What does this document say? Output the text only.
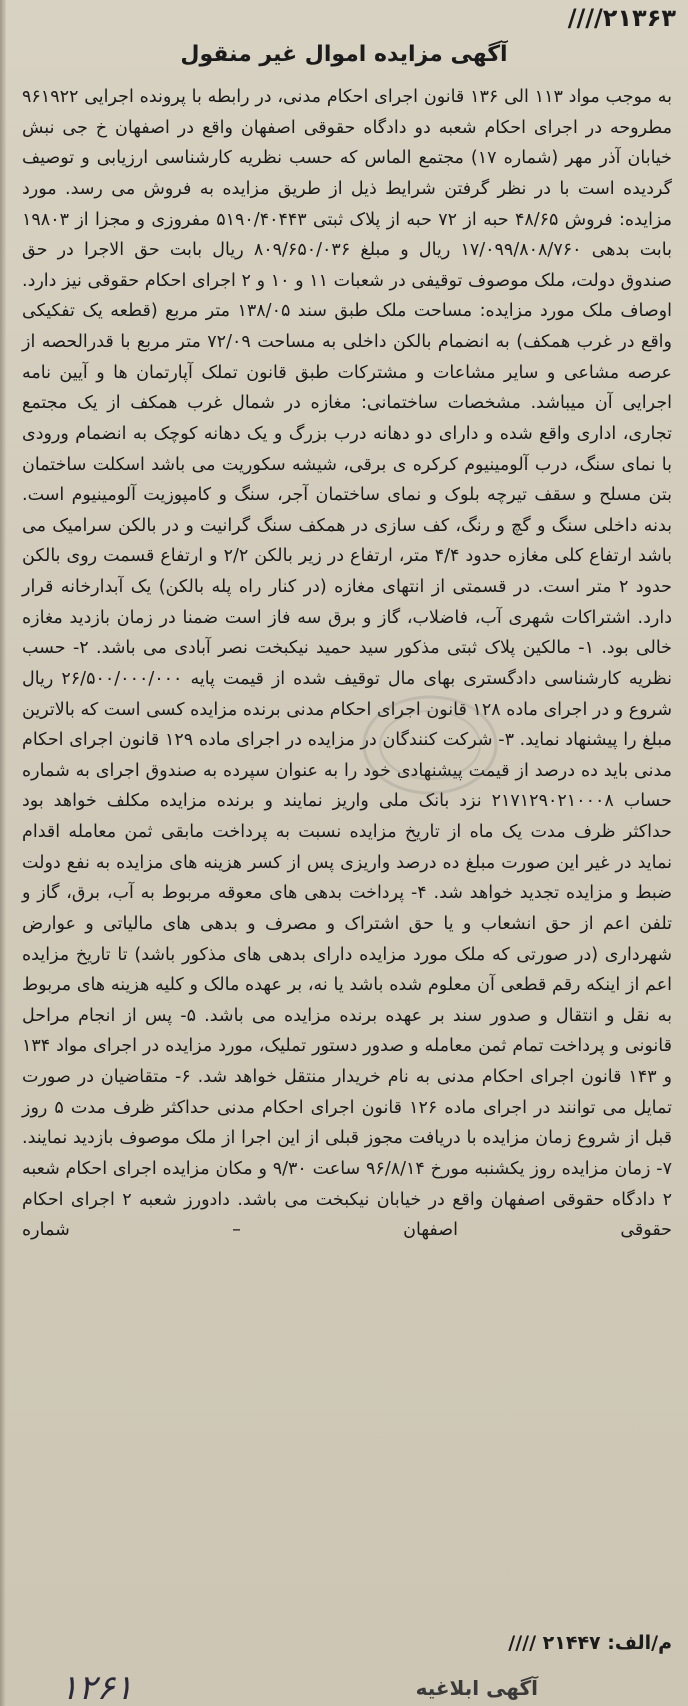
۲۱۳۶۳////
آگهی مزایده اموال غیر منقول

به موجب مواد ۱۱۳ الی ۱۳۶ قانون اجرای احکام مدنی، در رابطه با پرونده اجرایی ۹۶۱۹۲۲ مطروحه در اجرای احکام شعبه دو دادگاه حقوقی اصفهان واقع در اصفهان خ جی نبش خیابان آذر مهر (شماره ۱۷) مجتمع الماس که حسب نظریه کارشناسی ارزیابی و توصیف گردیده است با در نظر گرفتن شرایط ذیل از طریق مزایده به فروش می رسد. مورد مزایده: فروش ۴۸/۶۵ حبه از ۷۲ حبه از پلاک ثبتی ۵۱۹۰/۴۰۴۴۳ مفروزی و مجزا از ۱۹۸۰۳ بابت بدهی ۱۷/۰۹۹/۸۰۸/۷۶۰ ریال و مبلغ ۸۰۹/۶۵۰/۰۳۶ ریال بابت حق الاجرا در حق صندوق دولت، ملک موصوف توقیفی در شعبات ۱۱ و ۱۰ و ۲ اجرای احکام حقوقی نیز دارد. اوصاف ملک مورد مزایده: مساحت ملک طبق سند ۱۳۸/۰۵ متر مربع (قطعه یک تفکیکی واقع در غرب همکف) به انضمام بالکن داخلی به مساحت ۷۲/۰۹ متر مربع با قدرالحصه از عرصه مشاعی و سایر مشاعات و مشترکات طبق قانون تملک آپارتمان ها و آیین نامه اجرایی آن میباشد. مشخصات ساختمانی: مغازه در شمال غرب همکف از یک مجتمع تجاری، اداری واقع شده و دارای دو دهانه درب بزرگ و یک دهانه کوچک به انضمام ورودی با نمای سنگ، درب آلومینیوم کرکره ی برقی، شیشه سکوریت می باشد اسکلت ساختمان بتن مسلح و سقف تیرچه بلوک و نمای ساختمان آجر، سنگ و کامپوزیت آلومینیوم است. بدنه داخلی سنگ و گچ و رنگ، کف سازی در همکف سنگ گرانیت و در بالکن سرامیک می باشد ارتفاع کلی مغازه حدود ۴/۴ متر، ارتفاع در زیر بالکن ۲/۲ و ارتفاع قسمت روی بالکن حدود ۲ متر است. در قسمتی از انتهای مغازه (در کنار راه پله بالکن) یک آبدارخانه قرار دارد. اشتراکات شهری آب، فاضلاب، گاز و برق سه فاز است ضمنا در زمان بازدید مغازه خالی بود. ۱- مالکین پلاک ثبتی مذکور سید حمید نیکبخت نصر آبادی می باشد. ۲- حسب نظریه کارشناسی دادگستری بهای مال توقیف شده از قیمت پایه ۲۶/۵۰۰/۰۰۰/۰۰۰ ریال شروع و در اجرای ماده ۱۲۸ قانون اجرای احکام مدنی برنده مزایده کسی است که بالاترین مبلغ را پیشنهاد نماید. ۳- شرکت کنندگان در مزایده در اجرای ماده ۱۲۹ قانون اجرای احکام مدنی باید ده درصد از قیمت پیشنهادی خود را به عنوان سپرده به صندوق اجرای به شماره حساب ۲۱۷۱۲۹۰۲۱۰۰۰۸ نزد بانک ملی واریز نمایند و برنده مزایده مکلف خواهد بود حداکثر ظرف مدت یک ماه از تاریخ مزایده نسبت به پرداخت مابقی ثمن معامله اقدام نماید در غیر این صورت مبلغ ده درصد واریزی پس از کسر هزینه های مزایده به نفع دولت ضبط و مزایده تجدید خواهد شد. ۴- پرداخت بدهی های معوقه مربوط به آب، برق، گاز و تلفن اعم از حق انشعاب و یا حق اشتراک و مصرف و بدهی های مالیاتی و عوارض شهرداری (در صورتی که ملک مورد مزایده دارای بدهی های مذکور باشد) تا تاریخ مزایده اعم از اینکه رقم قطعی آن معلوم شده باشد یا نه، بر عهده مالک و کلیه هزینه های مربوط به نقل و انتقال و صدور سند بر عهده برنده مزایده می باشد. ۵- پس از انجام مراحل قانونی و پرداخت تمام ثمن معامله و صدور دستور تملیک، مورد مزایده در اجرای مواد ۱۳۴ و ۱۴۳ قانون اجرای احکام مدنی به نام خریدار منتقل خواهد شد. ۶- متقاضیان در صورت تمایل می توانند در اجرای ماده ۱۲۶ قانون اجرای احکام مدنی حداکثر ظرف مدت ۵ روز قبل از شروع زمان مزایده با دریافت مجوز قبلی از این اجرا از ملک موصوف بازدید نمایند. ۷- زمان مزایده روز یکشنبه مورخ ۹۶/۸/۱۴ ساعت ۹/۳۰ و مکان مزایده اجرای احکام شعبه ۲ دادگاه حقوقی اصفهان واقع در خیابان نیکبخت می باشد. دادورز شعبه ۲ اجرای احکام حقوقی اصفهان – شماره

م/الف: ۲۱۴۴۷ ////
۱۲۶۱	آگهی ابلاغیه
